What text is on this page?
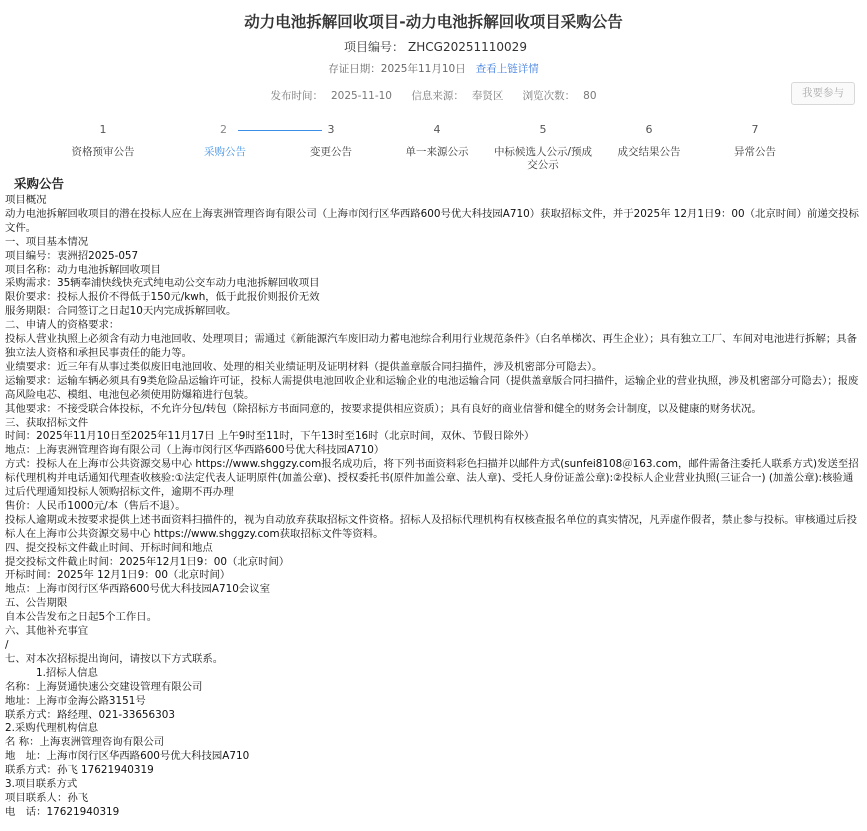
动力电池拆解回收项目-动力电池拆解回收项目采购公告
项目编号： ZHCG20251110029
存证日期：2025年11月10日 查看上链详情
发布时间： 2025-11-10 信息来源： 奉贤区 浏览次数： 80	我要参与
1
资格预审公告
2
采购公告
3
变更公告
4
单一来源公示
5
中标候选人公示/预成交公示
6
成交结果公告
7
异常公告
采购公告

项目概况

动力电池拆解回收项目的潜在投标人应在上海衷洲管理咨询有限公司（上海市闵行区华西路600号优大科技园A710）获取招标文件，并于2025年 12月1日9：00（北京时间）前递交投标文件。

一、项目基本情况

项目编号：衷洲招2025-057

项目名称：动力电池拆解回收项目

采购需求：35辆奉浦快线快充式纯电动公交车动力电池拆解回收项目

限价要求：投标人报价不得低于150元/kwh，低于此报价则报价无效

服务期限：合同签订之日起10天内完成拆解回收。

二、申请人的资格要求：

投标人营业执照上必须含有动力电池回收、处理项目；需通过《新能源汽车废旧动力蓄电池综合利用行业规范条件》（白名单梯次、再生企业）；具有独立工厂、车间对电池进行拆解；具备独立法人资格和承担民事责任的能力等。

业绩要求：近三年有从事过类似废旧电池回收、处理的相关业绩证明及证明材料（提供盖章版合同扫描件，涉及机密部分可隐去）。

运输要求：运输车辆必须具有9类危险品运输许可证，投标人需提供电池回收企业和运输企业的电池运输合同（提供盖章版合同扫描件，运输企业的营业执照，涉及机密部分可隐去）；报废高风险电芯、模组、电池包必须使用防爆箱进行包装。

其他要求：不接受联合体投标，不允许分包/转包（除招标方书面同意的，按要求提供相应资质）；具有良好的商业信誉和健全的财务会计制度，以及健康的财务状况。

三、获取招标文件

时间：2025年11月10日至2025年11月17日 上午9时至11时，下午13时至16时（北京时间，双休、节假日除外）

地点：上海衷洲管理咨询有限公司（上海市闵行区华西路600号优大科技园A710）

方式：投标人在上海市公共资源交易中心 https://www.shggzy.com报名成功后，将下列书面资料彩色扫描并以邮件方式(sunfei8108＠163.com，邮件需备注委托人联系方式)发送至招标代理机构并电话通知代理查收核验:①法定代表人证明原件(加盖公章)、授权委托书(原件加盖公章、法人章)、受托人身份证盖公章):②投标人企业营业执照(三证合一) (加盖公章):核验通过后代理通知投标人领购招标文件，逾期不再办理

售价：人民币1000元/本（售后不退）。

投标人逾期或未按要求提供上述书面资料扫描件的，视为自动放弃获取招标文件资格。招标人及招标代理机构有权核查报名单位的真实情况，凡弄虚作假者，禁止参与投标。审核通过后投标人在上海市公共资源交易中心 https://www.shggzy.com获取招标文件等资料。

四、提交投标文件截止时间、开标时间和地点

提交投标文件截止时间：2025年12月1日9：00（北京时间）

开标时间：2025年 12月1日9：00（北京时间）

地点：上海市闵行区华西路600号优大科技园A710会议室

五、公告期限

自本公告发布之日起5个工作日。

六、其他补充事宜

/

七、对本次招标提出询问，请按以下方式联系。

1.招标人信息

名称：上海贤通快速公交建设管理有限公司

地址：上海市金海公路3151号

联系方式：路经理、021-33656303

2.采购代理机构信息

名 称：上海衷洲管理咨询有限公司

地　址：上海市闵行区华西路600号优大科技园A710

联系方式：孙飞 17621940319

3.项目联系方式

项目联系人：孙飞

电　话：17621940319
